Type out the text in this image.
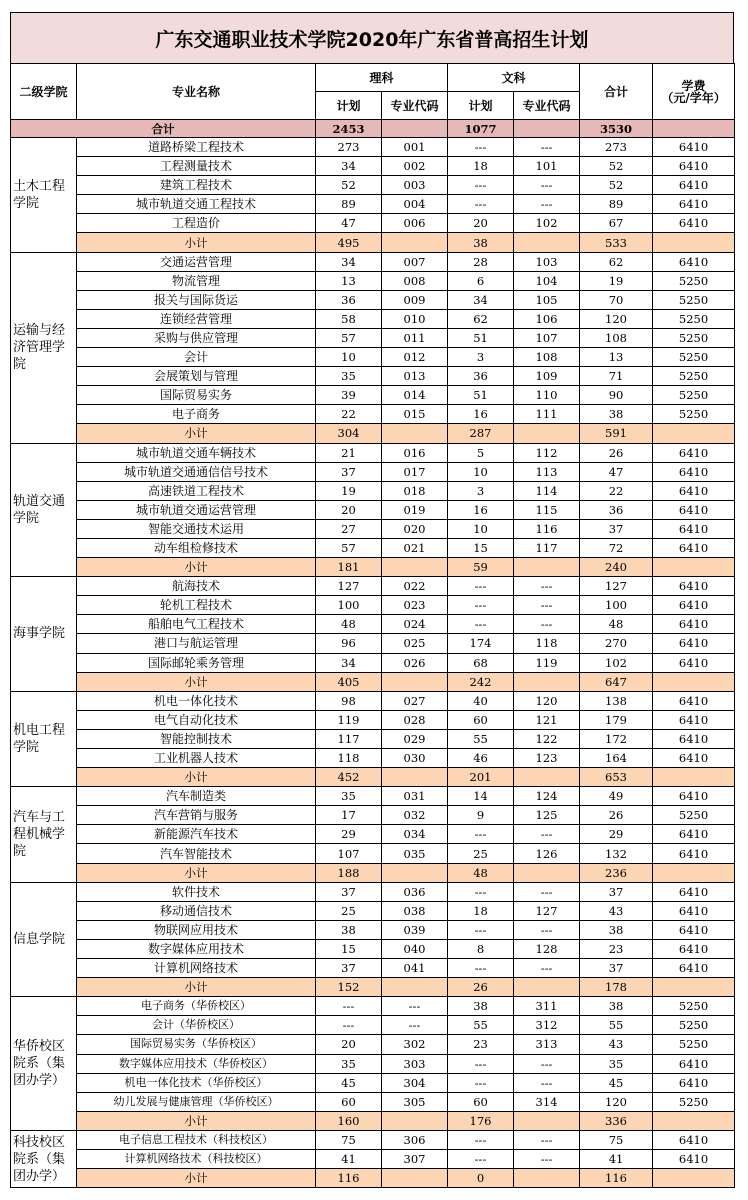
广东交通职业技术学院2020年广东省普高招生计划
二级学院	专业名称	理科		文科		合计	学费
（元/学年）

		计划	专业代码	计划	专业代码		
合计		2453		1077		3530	
土木工程学院	道路桥梁工程技术	273	001	---	---	273	6410
	工程测量技术	34	002	18	101	52	6410
	建筑工程技术	52	003	---	---	52	6410
	城市轨道交通工程技术	89	004	---	---	89	6410
	工程造价	47	006	20	102	67	6410
	小计	495		38		533	
运输与经济管理学院	交通运营管理	34	007	28	103	62	6410
	物流管理	13	008	6	104	19	5250
	报关与国际货运	36	009	34	105	70	5250
	连锁经营管理	58	010	62	106	120	5250
	采购与供应管理	57	011	51	107	108	5250
	会计	10	012	3	108	13	5250
	会展策划与管理	35	013	36	109	71	5250
	国际贸易实务	39	014	51	110	90	5250
	电子商务	22	015	16	111	38	5250
	小计	304		287		591	
轨道交通学院	城市轨道交通车辆技术	21	016	5	112	26	6410
	城市轨道交通通信信号技术	37	017	10	113	47	6410
	高速铁道工程技术	19	018	3	114	22	6410
	城市轨道交通运营管理	20	019	16	115	36	6410
	智能交通技术运用	27	020	10	116	37	6410
	动车组检修技术	57	021	15	117	72	6410
	小计	181		59		240	
海事学院	航海技术	127	022	---	---	127	6410
	轮机工程技术	100	023	---	---	100	6410
	船舶电气工程技术	48	024	---	---	48	6410
	港口与航运管理	96	025	174	118	270	6410
	国际邮轮乘务管理	34	026	68	119	102	6410
	小计	405		242		647	
机电工程学院	机电一体化技术	98	027	40	120	138	6410
	电气自动化技术	119	028	60	121	179	6410
	智能控制技术	117	029	55	122	172	6410
	工业机器人技术	118	030	46	123	164	6410
	小计	452		201		653	
汽车与工程机械学院	汽车制造类	35	031	14	124	49	6410
	汽车营销与服务	17	032	9	125	26	5250
	新能源汽车技术	29	034	---	---	29	6410
	汽车智能技术	107	035	25	126	132	6410
	小计	188		48		236	
信息学院	软件技术	37	036	---	---	37	6410
	移动通信技术	25	038	18	127	43	6410
	物联网应用技术	38	039	---	---	38	6410
	数字媒体应用技术	15	040	8	128	23	6410
	计算机网络技术	37	041	---	---	37	6410
	小计	152		26		178	
华侨校区院系（集团办学）	电子商务（华侨校区）	---	---	38	311	38	5250
	会计（华侨校区）	---	---	55	312	55	5250
	国际贸易实务（华侨校区）	20	302	23	313	43	5250
	数字媒体应用技术（华侨校区）	35	303	---	---	35	6410
	机电一体化技术（华侨校区）	45	304	---	---	45	6410
	幼儿发展与健康管理（华侨校区）	60	305	60	314	120	5250
	小计	160		176		336	
科技校区院系（集团办学）	电子信息工程技术（科技校区）	75	306	---	---	75	6410
	计算机网络技术（科技校区）	41	307	---	---	41	6410
	小计	116		0		116	
